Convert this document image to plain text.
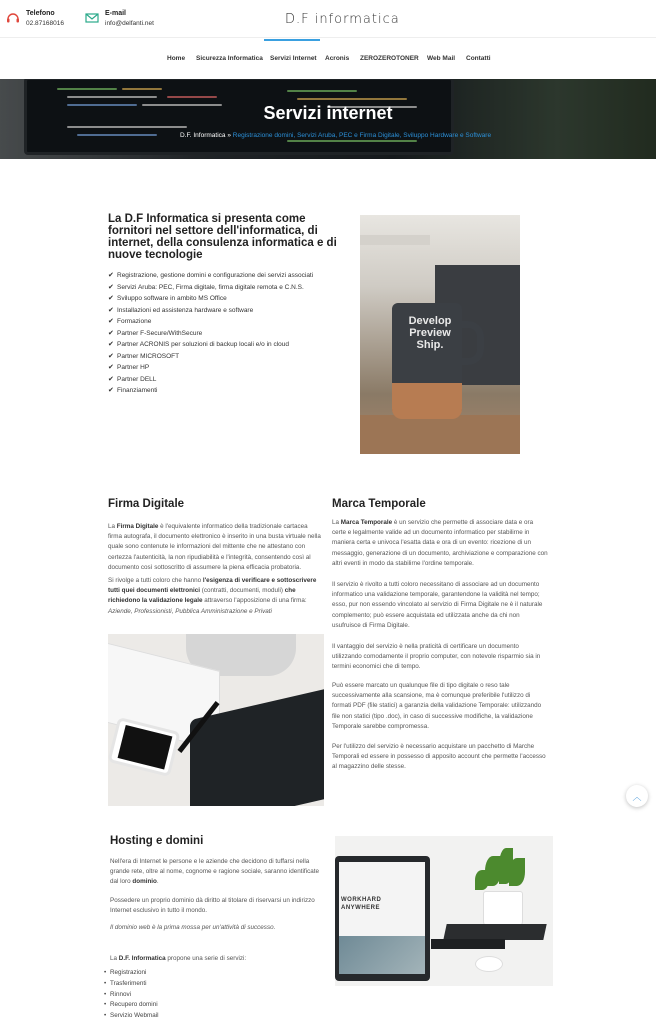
Telefono
02.87168016
E-mail
info@delfanti.net	D.F informatica
Home Sicurezza Informatica Servizi Internet Acronis ZEROZEROTONER Web Mail Contatti
Servizi internet
D.F. Informatica » Registrazione domini, Servizi Aruba, PEC e Firma Digitale, Sviluppo Hardware e Software
La D.F Informatica si presenta come fornitori nel settore dell'informatica, di internet, della consulenza informatica e di nuove tecnologie
✔ Registrazione, gestione domini e configurazione dei servizi associati
✔ Servizi Aruba: PEC, Firma digitale, firma digitale remota e C.N.S.
✔ Sviluppo software in ambito MS Office
✔ Installazioni ed assistenza hardware e software
✔ Formazione
✔ Partner F-Secure/WithSecure
✔ Partner ACRONIS per soluzioni di backup locali e/o in cloud
✔ Partner MICROSOFT
✔ Partner HP
✔ Partner DELL
✔ Finanziamenti
Develop Preview Ship.
Firma Digitale
La Firma Digitale è l'equivalente informatico della tradizionale cartacea firma autografa, il documento elettronico è inserito in una busta virtuale nella quale sono contenute le informazioni del mittente che ne attestano con certezza l'autenticità, la non ripudiabilità e l'integrità, consentendo così al documento così sottoscritto di assumere la piena efficacia probatoria.
Si rivolge a tutti coloro che hanno l'esigenza di verificare e sottoscrivere tutti quei documenti elettronici (contratti, documenti, moduli) che richiedono la validazione legale attraverso l'apposizione di una firma: Aziende, Professionisti, Pubblica Amministrazione e Privati
Marca Temporale
La Marca Temporale è un servizio che permette di associare data e ora certe e legalmente valide ad un documento informatico per stabilirne in maniera certa e univoca l'esatta data e ora di un evento: ricezione di un messaggio, generazione di un documento, archiviazione e comparazione con altri eventi in modo da stabilirne l'ordine temporale.
Il servizio è rivolto a tutti coloro necessitano di associare ad un documento informatico una validazione temporale, garantendone la validità nel tempo; esso, pur non essendo vincolato al servizio di Firma Digitale ne è il naturale complemento; può essere acquistata ed utilizzata anche da chi non usufruisce di Firma Digitale.
Il vantaggio del servizio è nella praticità di certificare un documento utilizzando comodamente il proprio computer, con notevole risparmio sia in termini economici che di tempo.
Può essere marcato un qualunque file di tipo digitale o reso tale successivamente alla scansione, ma è comunque preferibile l'utilizzo di formati PDF (file statici) a garanzia della validazione Temporale: utilizzando file non statici (tipo .doc), in caso di successive modifiche, la validazione Temporale sarebbe compromessa.
Per l'utilizzo del servizio è necessario acquistare un pacchetto di Marche Temporali ed essere in possesso di apposito account che permette l'accesso al magazzino delle stesse.
Hosting e domini
Nell'era di Internet le persone e le aziende che decidono di tuffarsi nella grande rete, oltre al nome, cognome e ragione sociale, saranno identificate dal loro dominio.
Possedere un proprio dominio dà diritto al titolare di riservarsi un indirizzo Internet esclusivo in tutto il mondo.
Il dominio web è la prima mossa per un'attività di successo.
La D.F. Informatica propone una serie di servizi:
• Registrazioni
• Trasferimenti
• Rinnovi
• Recupero domini
• Servizio Webmail
WORKHARD
ANYWHERE
︿
